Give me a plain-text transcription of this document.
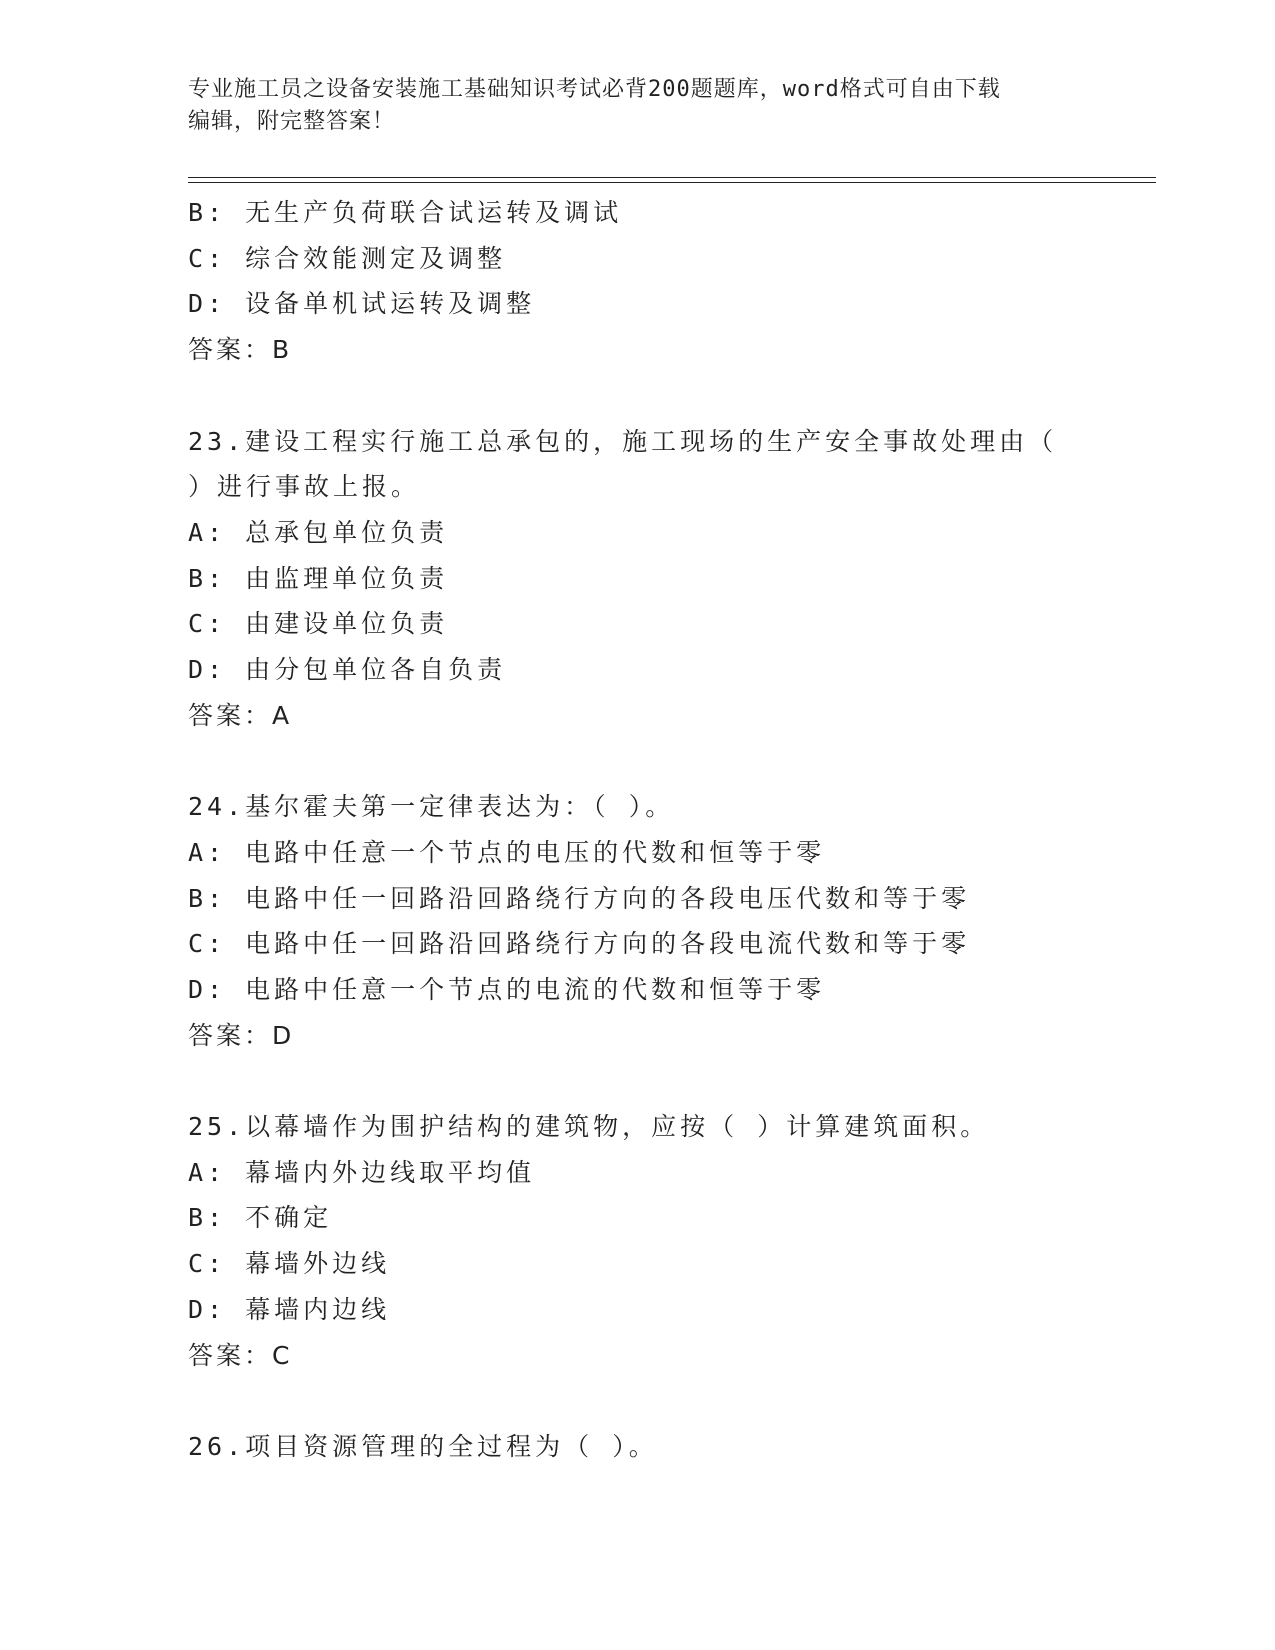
专业施工员之设备安装施工基础知识考试必背200题题库，word格式可自由下载
编辑，附完整答案！
B: 无生产负荷联合试运转及调试
C: 综合效能测定及调整
D: 设备单机试运转及调整
答案：B
23.建设工程实行施工总承包的，施工现场的生产安全事故处理由（
）进行事故上报。
A: 总承包单位负责
B: 由监理单位负责
C: 由建设单位负责
D: 由分包单位各自负责
答案：A
24.基尔霍夫第一定律表达为：（ ）。
A: 电路中任意一个节点的电压的代数和恒等于零
B: 电路中任一回路沿回路绕行方向的各段电压代数和等于零
C: 电路中任一回路沿回路绕行方向的各段电流代数和等于零
D: 电路中任意一个节点的电流的代数和恒等于零
答案：D
25.以幕墙作为围护结构的建筑物，应按（ ）计算建筑面积。
A: 幕墙内外边线取平均值
B: 不确定
C: 幕墙外边线
D: 幕墙内边线
答案：C
26.项目资源管理的全过程为（ ）。
